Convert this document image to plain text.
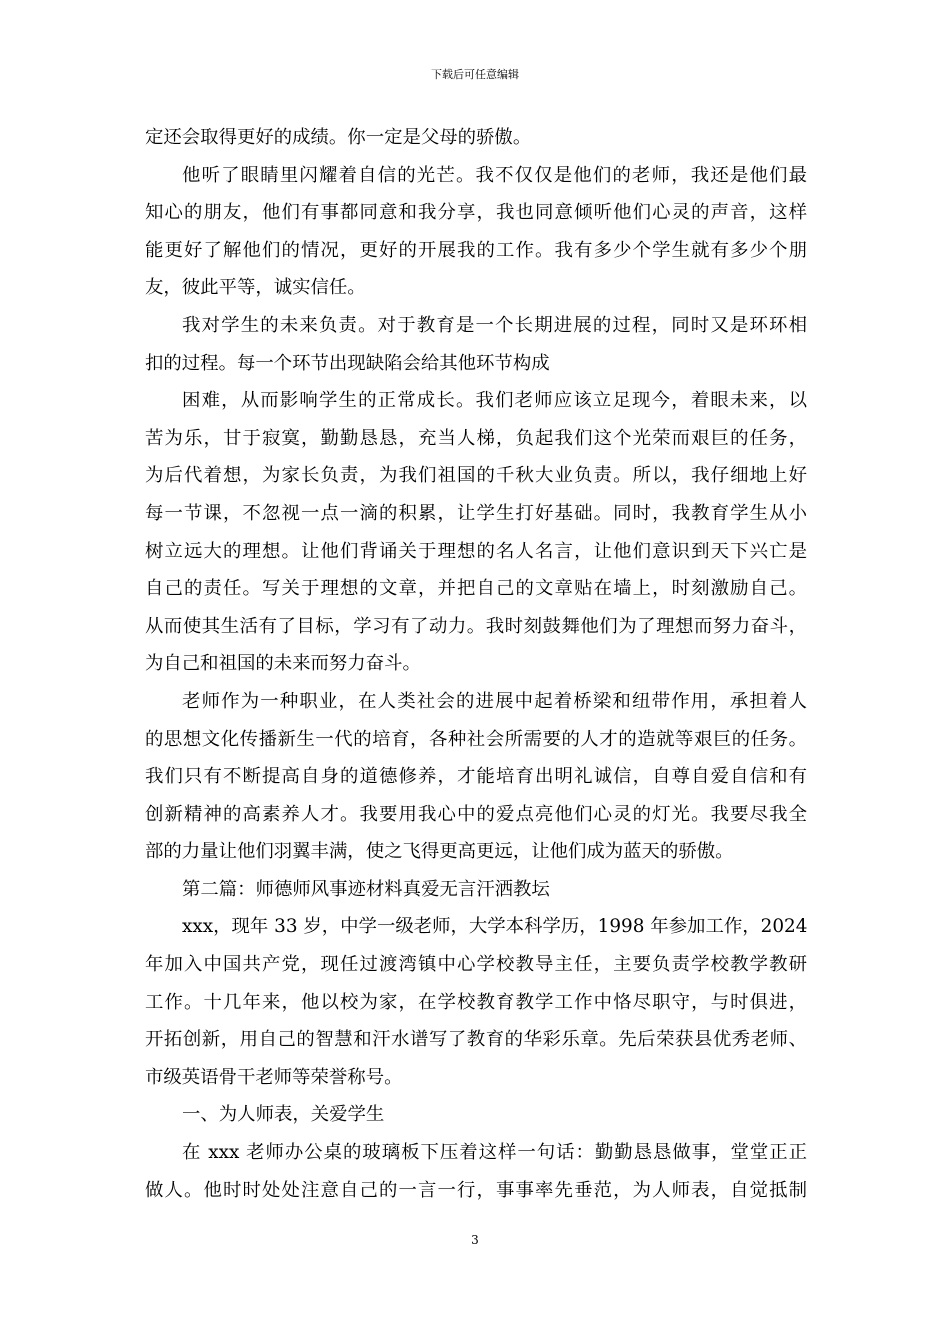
下载后可任意编辑
定还会取得更好的成绩。你一定是父母的骄傲。
他听了眼睛里闪耀着自信的光芒。我不仅仅是他们的老师，我还是他们最
知心的朋友，他们有事都同意和我分享，我也同意倾听他们心灵的声音，这样
能更好了解他们的情况，更好的开展我的工作。我有多少个学生就有多少个朋
友，彼此平等，诚实信任。
我对学生的未来负责。对于教育是一个长期进展的过程，同时又是环环相
扣的过程。每一个环节出现缺陷会给其他环节构成
困难，从而影响学生的正常成长。我们老师应该立足现今，着眼未来，以
苦为乐，甘于寂寞，勤勤恳恳，充当人梯，负起我们这个光荣而艰巨的任务，
为后代着想，为家长负责，为我们祖国的千秋大业负责。所以，我仔细地上好
每一节课，不忽视一点一滴的积累，让学生打好基础。同时，我教育学生从小
树立远大的理想。让他们背诵关于理想的名人名言，让他们意识到天下兴亡是
自己的责任。写关于理想的文章，并把自己的文章贴在墙上，时刻激励自己。
从而使其生活有了目标，学习有了动力。我时刻鼓舞他们为了理想而努力奋斗，
为自己和祖国的未来而努力奋斗。
老师作为一种职业，在人类社会的进展中起着桥梁和纽带作用，承担着人
的思想文化传播新生一代的培育，各种社会所需要的人才的造就等艰巨的任务。
我们只有不断提高自身的道德修养，才能培育出明礼诚信，自尊自爱自信和有
创新精神的高素养人才。我要用我心中的爱点亮他们心灵的灯光。我要尽我全
部的力量让他们羽翼丰满，使之飞得更高更远，让他们成为蓝天的骄傲。
第二篇：师德师风事迹材料真爱无言汗洒教坛
xxx，现年 33 岁，中学一级老师，大学本科学历，1998 年参加工作，2024
年加入中国共产党，现任过渡湾镇中心学校教导主任，主要负责学校教学教研
工作。十几年来，他以校为家，在学校教育教学工作中恪尽职守，与时俱进，
开拓创新，用自己的智慧和汗水谱写了教育的华彩乐章。先后荣获县优秀老师、
市级英语骨干老师等荣誉称号。
一、为人师表，关爱学生
在 xxx 老师办公桌的玻璃板下压着这样一句话：勤勤恳恳做事，堂堂正正
做人。他时时处处注意自己的一言一行，事事率先垂范，为人师表，自觉抵制
3
